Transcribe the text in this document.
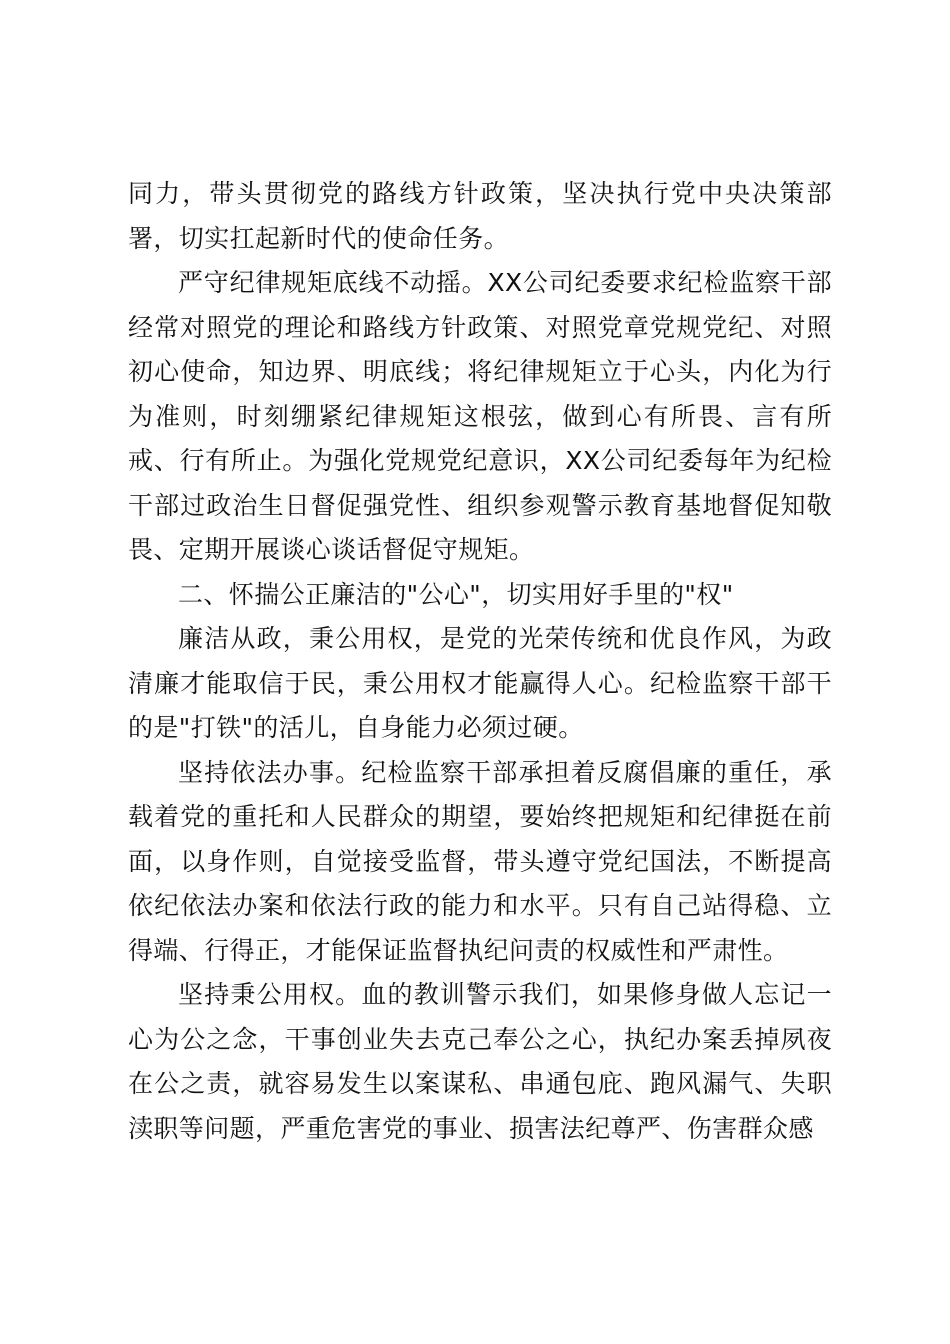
同力，带头贯彻党的路线方针政策，坚决执行党中央决策部署，切实扛起新时代的使命任务。

严守纪律规矩底线不动摇。XX公司纪委要求纪检监察干部经常对照党的理论和路线方针政策、对照党章党规党纪、对照初心使命，知边界、明底线；将纪律规矩立于心头，内化为行为准则，时刻绷紧纪律规矩这根弦，做到心有所畏、言有所戒、行有所止。为强化党规党纪意识，XX公司纪委每年为纪检干部过政治生日督促强党性、组织参观警示教育基地督促知敬畏、定期开展谈心谈话督促守规矩。

二、怀揣公正廉洁的"公心"，切实用好手里的"权"

廉洁从政，秉公用权，是党的光荣传统和优良作风，为政清廉才能取信于民，秉公用权才能赢得人心。纪检监察干部干的是"打铁"的活儿，自身能力必须过硬。

坚持依法办事。纪检监察干部承担着反腐倡廉的重任，承载着党的重托和人民群众的期望，要始终把规矩和纪律挺在前面，以身作则，自觉接受监督，带头遵守党纪国法，不断提高依纪依法办案和依法行政的能力和水平。只有自己站得稳、立得端、行得正，才能保证监督执纪问责的权威性和严肃性。

坚持秉公用权。血的教训警示我们，如果修身做人忘记一心为公之念，干事创业失去克己奉公之心，执纪办案丢掉夙夜在公之责，就容易发生以案谋私、串通包庇、跑风漏气、失职渎职等问题，严重危害党的事业、损害法纪尊严、伤害群众感
